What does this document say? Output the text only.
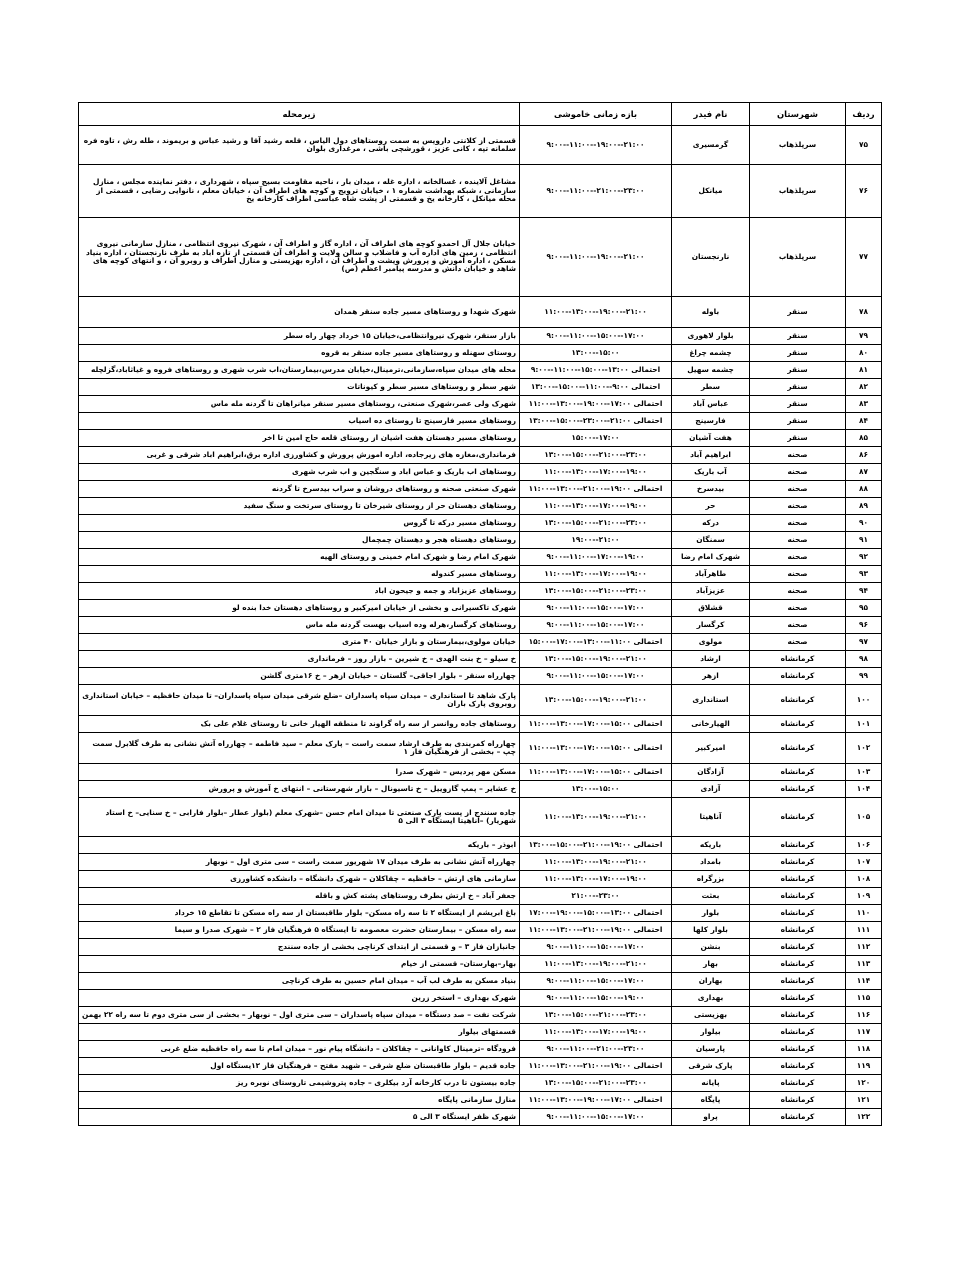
ردیف	شهرستان	نام فیدر	بازه زمانی خاموشی	زیرمحله
۷۵	سرپلذهاب	گرمسیری	۲۱:۰۰--۱۹:۰۰--۱۱:۰۰--۹:۰۰	قسمتی از کلانتی داروپس به سمت روستاهای دول الیاس ، قلعه رشید آقا و رشید عباس و بریموند ، طله رش ، تاوه فره سلمانه تپه ، کانی عزیز ، قورشچی باشی ، مرغداری بلوان
۷۶	سرپلذهاب	میانکل	۲۳:۰۰--۲۱:۰۰--۱۱:۰۰--۹:۰۰	مشاغل آلاینده ، غسالخانه ، اداره غله ، میدان بار ، ناحیه مقاومت بسیج سپاه ، شهرداری ، دفتر نماینده مجلس ، منازل سازمانی ، شبکه بهداشت شماره ۱ ، خیابان ترویج و کوچه های اطراف آن ، خیابان معلم ، نانوایی رضایی ، قسمتی از محله میانکل ، کارخانه یخ و قسمتی از پشت شاه عباسی اطراف کارخانه یخ
۷۷	سرپلذهاب	نارنجستان	۲۱:۰۰--۱۹:۰۰--۱۱:۰۰--۹:۰۰	خیابان جلال آل احمدو کوچه های اطراف آن ، اداره گاز و اطراف آن ، شهرک نیروی انتظامی ، منازل سازمانی نیروی انتظامی ، زمین های اداره آب و فاضلاب و سالن ولایت و اطراف آن قسمتی از تازه اباد به طرف نارنجستان ، اداره بنیاد مسکن ، اداره آموزش و پرورش وپشت و اطراف آن ، اداره بهزیستی و منازل اطراف و روبرو آن ، و انتهای کوچه های شاهد و خیابان دانش و مدرسه پیامبر اعظم (ص)
۷۸	سنقر	باوله	۲۱:۰۰--۱۹:۰۰--۱۳:۰۰--۱۱:۰۰	شهرک شهدا و روستاهای مسیر جاده سنقر همدان
۷۹	سنقر	بلوار لاهوری	۱۷:۰۰--۱۵:۰۰--۱۱:۰۰--۹:۰۰	بازار سنقر، شهرک نیروانتظامی،خیابان ۱۵ خرداد چهار راه سطر
۸۰	سنقر	چشمه چراغ	۱۵:۰۰--۱۳:۰۰	روستای سهنله و روستاهای مسیر جاده سنقر به قروه
۸۱	سنقر	چشمه سهیل	احتمالی ۱۳:۰۰--۱۵:۰۰--۱۱:۰۰--۹:۰۰	محله های میدان سپاه،سازمانی،ترمینال،خیابان مدرس،بیمارستان،اب شرب شهری و روستاهای فروه و غیاثاباد،گزلچله
۸۲	سنقر	سطر	احتمالی ۹:۰۰--۱۱:۰۰--۱۵:۰۰--۱۳:۰۰	شهر سطر و روستاهای مسیر سطر و کیوناتات
۸۳	سنقر	عباس آباد	احتمالی ۱۷:۰۰--۱۹:۰۰--۱۳:۰۰--۱۱:۰۰	شهرک ولی عصر،شهرک صنعتی، روستاهای مسیر سنقر میانراهان تا گردنه مله ماس
۸۴	سنقر	فارسینج	احتمالی ۲۱:۰۰--۲۳:۰۰--۱۵:۰۰--۱۳:۰۰	روستاهای مسیر فارسینج تا روستای ده اسیاب
۸۵	سنقر	هفت آشیان	۱۷:۰۰--۱۵:۰۰	روستاهای مسیر دهستان هفت اشیان از روستای قلعه حاج امین تا اخر
۸۶	صحنه	ابراهیم آباد	۲۳:۰۰--۲۱:۰۰--۱۵:۰۰--۱۳:۰۰	فرمانداری،مغازه های زیرجاده، اداره اموزش پرورش و کشاورزی اداره برق،ابراهیم اباد شرقی و غربی
۸۷	صحنه	آب باریک	۱۹:۰۰--۱۷:۰۰--۱۳:۰۰--۱۱:۰۰	روستاهای اب باریک و عباس اباد و سنگجین و اب شرب شهری
۸۸	صحنه	بیدسرخ	احتمالی ۱۹:۰۰--۲۱:۰۰--۱۳:۰۰--۱۱:۰۰	شهرک صنعتی صحنه و روستاهای دروشان و سراب بیدسرخ تا گردنه
۸۹	صحنه	حر	۱۹:۰۰--۱۷:۰۰--۱۳:۰۰--۱۱:۰۰	روستاهای دهستان حر از روستای شیرخان تا روستای سرتخت و سنگ سفید
۹۰	صحنه	درکه	۲۳:۰۰--۲۱:۰۰--۱۵:۰۰--۱۳:۰۰	روستاهای مسیر درکه تا گروس
۹۱	صحنه	سمنگان	۲۱:۰۰--۱۹:۰۰	روستاهای دهستاه هجر و دهستان چمچمال
۹۲	صحنه	شهرک امام رضا	۱۹:۰۰--۱۷:۰۰--۱۱:۰۰--۹:۰۰	شهرک امام رضا و شهرک امام خمینی و روستای الهیه
۹۳	صحنه	طاهرآباد	۱۹:۰۰--۱۷:۰۰--۱۳:۰۰--۱۱:۰۰	روستاهای مسیر کندوله
۹۴	صحنه	عزیزآباد	۲۳:۰۰--۲۱:۰۰--۱۵:۰۰--۱۳:۰۰	روستاهای عزیزاباد و جمه و جیحون اباد
۹۵	صحنه	قشلاق	۱۷:۰۰--۱۵:۰۰--۱۱:۰۰--۹:۰۰	شهرک تاکسیرانی و بخشی از خیابان امیرکبیر و روستاهای دهستان خدا بنده لو
۹۶	صحنه	کرگسار	۱۷:۰۰--۱۵:۰۰--۱۱:۰۰--۹:۰۰	روستاهای کرگسار،هرله وده اسیاب بهست گردنه مله ماس
۹۷	صحنه	مولوی	احتمالی ۱۱:۰۰--۱۳:۰۰--۱۷:۰۰--۱۵:۰۰	خیابان مولوی،بیمارستان و بازار خیابان ۴۰ متری
۹۸	کرمانشاه	ارشاد	۲۱:۰۰--۱۹:۰۰--۱۵:۰۰--۱۳:۰۰	خ سیلو – خ بنت الهدی – خ شیرین – بازار روز – فرمانداری
۹۹	کرمانشاه	ازهر	۱۷:۰۰--۱۵:۰۰--۱۱:۰۰--۹:۰۰	چهارراه سنقر – بلوار اجاقی– گلستان – خیابان ازهر – خ ۱۶متری گلشن
۱۰۰	کرمانشاه	استانداری	۲۱:۰۰--۱۹:۰۰--۱۵:۰۰--۱۳:۰۰	پارک شاهد تا استانداری – میدان سپاه پاسداران –ضلع شرقی میدان سپاه پاسداران– تا میدان حافظیه – خیابان استانداری روبروی پارک باران
۱۰۱	کرمانشاه	الهیارخانی	احتمالی ۱۵:۰۰--۱۷:۰۰--۱۳:۰۰--۱۱:۰۰	روستاهای جاده روانسر از سه راه گراوند تا منطقه الهیار خانی تا روستای غلام علی بک
۱۰۲	کرمانشاه	امیرکبیر	احتمالی ۱۵:۰۰--۱۷:۰۰--۱۳:۰۰--۱۱:۰۰	چهارراه کمربندی به طرف ارشاد سمت راست – پارک معلم – سید فاطمه – چهارراه آتش نشانی به طرف گلابرل سمت چپ – بخشی از فرهنگیان فاز ۱
۱۰۳	کرمانشاه	آزادگان	احتمالی ۱۵:۰۰--۱۷:۰۰--۱۳:۰۰--۱۱:۰۰	مسکن مهر پردیس – شهرک صدرا
۱۰۴	کرمانشاه	آزادی	۱۵:۰۰--۱۳:۰۰	خ عشایر – پمپ گازوییل – خ تاسیونال – بازار شهرستانی – انتهای خ آموزش و پرورش
۱۰۵	کرمانشاه	آناهیتا	۲۱:۰۰--۱۹:۰۰--۱۳:۰۰--۱۱:۰۰	جاده سنندج از پست پارک صنعتی تا میدان امام حسن –شهرک معلم (بلوار عطار –بلوار فارابی – خ سنایی– خ استاد شهریار) –آناهیتا ایستگاه ۳ الی ۵
۱۰۶	کرمانشاه	باریکه	احتمالی ۱۹:۰۰--۲۱:۰۰--۱۵:۰۰--۱۳:۰۰	ابوذر – باریکه
۱۰۷	کرمانشاه	بامداد	۲۱:۰۰--۱۹:۰۰--۱۳:۰۰--۱۱:۰۰	چهارراه آتش نشانی به طرف میدان ۱۷ شهریور سمت راست – سی متری اول – نوبهار
۱۰۸	کرمانشاه	بزرگراه	۱۹:۰۰--۱۷:۰۰--۱۳:۰۰--۱۱:۰۰	سازمانی های ارتش – حافظیه – چقاکلان – شهرک دانشگاه – دانشکده کشاورزی
۱۰۹	کرمانشاه	بعثت	۲۳:۰۰--۲۱:۰۰	جعفر آباد – خ ارتش بطرف روستاهای پشته کش و باقله
۱۱۰	کرمانشاه	بلوار	احتمالی ۱۳:۰۰--۱۵:۰۰--۱۹:۰۰--۱۷:۰۰	باغ ابریشم از ایستگاه ۲ تا سه راه مسکن– بلوار طاقبستان از سه راه مسکن تا تقاطع ۱۵ خرداد
۱۱۱	کرمانشاه	بلوار کلها	احتمالی ۱۹:۰۰--۲۱:۰۰--۱۳:۰۰--۱۱:۰۰	سه راه مسکن – بیمارستان حضرت معصومه تا ایستگاه ۵ فرهنگیان فاز ۲ – شهرک صدرا و سیما
۱۱۲	کرمانشاه	بنشن	۱۷:۰۰--۱۵:۰۰--۱۱:۰۰--۹:۰۰	جانبازان فاز ۳ – و قسمتی از ابتدای کرناچی بخشی از جاده سنندج
۱۱۳	کرمانشاه	بهار	۲۱:۰۰--۱۹:۰۰--۱۳:۰۰--۱۱:۰۰	بهار–بهارستان– قسمتی از خیام
۱۱۴	کرمانشاه	بهاران	۱۷:۰۰--۱۵:۰۰--۱۱:۰۰--۹:۰۰	بنیاد مسکن به طرف لب آب – میدان امام حسین به طرف کرناچی
۱۱۵	کرمانشاه	بهداری	۱۹:۰۰--۱۵:۰۰--۱۱:۰۰--۹:۰۰	شهرک بهداری – استخر زرین
۱۱۶	کرمانشاه	بهزیستی	۲۳:۰۰--۲۱:۰۰--۱۵:۰۰--۱۳:۰۰	شرکت نفت – صد دستگاه – میدان سپاه پاسداران – سی متری اول – نوبهار – بخشی از سی متری دوم تا سه راه ۲۲ بهمن
۱۱۷	کرمانشاه	بیلوار	۱۹:۰۰--۱۷:۰۰--۱۳:۰۰--۱۱:۰۰	قسمتهای بیلوار
۱۱۸	کرمانشاه	پارسیان	۲۳:۰۰--۲۱:۰۰--۱۱:۰۰--۹:۰۰	فرودگاه –ترمینال کاوانانی – چقاکلان – دانشگاه پیام نور – میدان امام تا سه راه حافظیه ضلع غربی
۱۱۹	کرمانشاه	پارک شرقی	احتمالی ۱۹:۰۰--۲۱:۰۰--۱۳:۰۰--۱۱:۰۰	جاده قدیم – بلوار طاقبستان ضلع شرقی – شهید مفتح – فرهنگیان فاز ۱۲یستگاه اول
۱۲۰	کرمانشاه	پایانه	۲۳:۰۰--۲۱:۰۰--۱۵:۰۰--۱۳:۰۰	جاده بیستون تا درب کارخانه آرد بیکلری – جاده پتروشیمی تاروستای نوبره ریز
۱۲۱	کرمانشاه	پایگاه	احتمالی ۱۷:۰۰--۱۹:۰۰--۱۳:۰۰--۱۱:۰۰	منازل سازمانی پایگاه
۱۲۲	کرمانشاه	پراو	۱۷:۰۰--۱۵:۰۰--۱۱:۰۰--۹:۰۰	شهرک ظفر ایستگاه ۳ الی ۵
